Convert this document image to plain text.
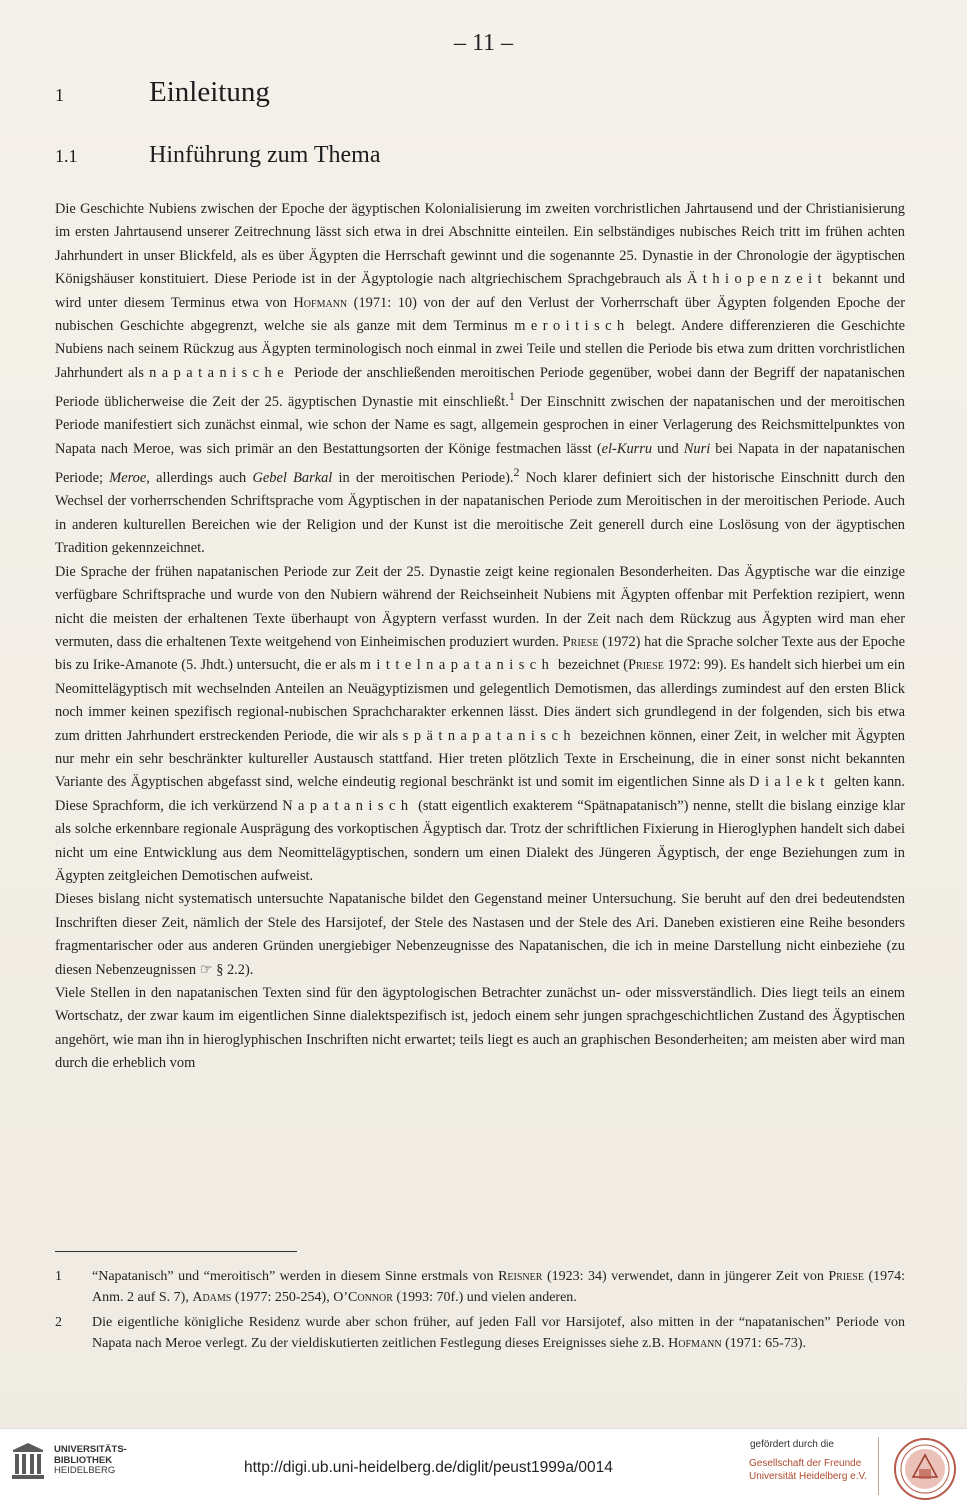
– 11 –
1	Einleitung
1.1	Hinführung zum Thema

Die Geschichte Nubiens zwischen der Epoche der ägyptischen Kolonialisierung im zweiten vorchristlichen Jahrtausend und der Christianisierung im ersten Jahrtausend unserer Zeitrechnung lässt sich etwa in drei Abschnitte einteilen. Ein selbständiges nubisches Reich tritt im frühen achten Jahrhundert in unser Blickfeld, als es über Ägypten die Herrschaft gewinnt und die sogenannte 25. Dynastie in der Chronologie der ägyptischen Königshäuser konstituiert. Diese Periode ist in der Ägyptologie nach altgriechischem Sprachgebrauch als Äthiopenzeit bekannt und wird unter diesem Terminus etwa von Hofmann (1971: 10) von der auf den Verlust der Vorherrschaft über Ägypten folgenden Epoche der nubischen Geschichte abgegrenzt, welche sie als ganze mit dem Terminus meroitisch belegt. Andere differenzieren die Geschichte Nubiens nach seinem Rückzug aus Ägypten terminologisch noch einmal in zwei Teile und stellen die Periode bis etwa zum dritten vorchristlichen Jahrhundert als napatanische Periode der anschließenden meroitischen Periode gegenüber, wobei dann der Begriff der napatanischen Periode üblicherweise die Zeit der 25. ägyptischen Dynastie mit einschließt.$^1$ Der Einschnitt zwischen der napatanischen und der meroitischen Periode manifestiert sich zunächst einmal, wie schon der Name es sagt, allgemein gesprochen in einer Verlagerung des Reichsmittelpunktes von Napata nach Meroe, was sich primär an den Bestattungsorten der Könige festmachen lässt (el-Kurru und Nuri bei Napata in der napatanischen Periode; Meroe, allerdings auch Gebel Barkal in der meroitischen Periode).$^2$ Noch klarer definiert sich der historische Einschnitt durch den Wechsel der vorherrschenden Schriftsprache vom Ägyptischen in der napatanischen Periode zum Meroitischen in der meroitischen Periode. Auch in anderen kulturellen Bereichen wie der Religion und der Kunst ist die meroitische Zeit generell durch eine Loslösung von der ägyptischen Tradition gekennzeichnet.

Die Sprache der frühen napatanischen Periode zur Zeit der 25. Dynastie zeigt keine regionalen Besonderheiten. Das Ägyptische war die einzige verfügbare Schriftsprache und wurde von den Nubiern während der Reichseinheit Nubiens mit Ägypten offenbar mit Perfektion rezipiert, wenn nicht die meisten der erhaltenen Texte überhaupt von Ägyptern verfasst wurden. In der Zeit nach dem Rückzug aus Ägypten wird man eher vermuten, dass die erhaltenen Texte weitgehend von Einheimischen produziert wurden. Priese (1972) hat die Sprache solcher Texte aus der Epoche bis zu Irike-Amanote (5. Jhdt.) untersucht, die er als mittelnapatanisch bezeichnet (Priese 1972: 99). Es handelt sich hierbei um ein Neomittelägyptisch mit wechselnden Anteilen an Neuägyptizismen und gelegentlich Demotismen, das allerdings zumindest auf den ersten Blick noch immer keinen spezifisch regional-nubischen Sprachcharakter erkennen lässt. Dies ändert sich grundlegend in der folgenden, sich bis etwa zum dritten Jahrhundert erstreckenden Periode, die wir als spätnapatanisch bezeichnen können, einer Zeit, in welcher mit Ägypten nur mehr ein sehr beschränkter kultureller Austausch stattfand. Hier treten plötzlich Texte in Erscheinung, die in einer sonst nicht bekannten Variante des Ägyptischen abgefasst sind, welche eindeutig regional beschränkt ist und somit im eigentlichen Sinne als Dialekt gelten kann. Diese Sprachform, die ich verkürzend Napatanisch (statt eigentlich exakterem “Spätnapatanisch”) nenne, stellt die bislang einzige klar als solche erkennbare regionale Ausprägung des vorkoptischen Ägyptisch dar. Trotz der schriftlichen Fixierung in Hieroglyphen handelt sich dabei nicht um eine Entwicklung aus dem Neomittelägyptischen, sondern um einen Dialekt des Jüngeren Ägyptisch, der enge Beziehungen zum in Ägypten zeitgleichen Demotischen aufweist.

Dieses bislang nicht systematisch untersuchte Napatanische bildet den Gegenstand meiner Untersuchung. Sie beruht auf den drei bedeutendsten Inschriften dieser Zeit, nämlich der Stele des Harsijotef, der Stele des Nastasen und der Stele des Ari. Daneben existieren eine Reihe besonders fragmentarischer oder aus anderen Gründen unergiebiger Nebenzeugnisse des Napatanischen, die ich in meine Darstellung nicht einbeziehe (zu diesen Nebenzeugnissen ☞ § 2.2).

Viele Stellen in den napatanischen Texten sind für den ägyptologischen Betrachter zunächst un- oder missverständlich. Dies liegt teils an einem Wortschatz, der zwar kaum im eigentlichen Sinne dialektspezifisch ist, jedoch einem sehr jungen sprachgeschichtlichen Zustand des Ägyptischen angehört, wie man ihn in hieroglyphischen Inschriften nicht erwartet; teils liegt es auch an graphischen Besonderheiten; am meisten aber wird man durch die erheblich vom

1	“Napatanisch” und “meroitisch” werden in diesem Sinne erstmals von Reisner (1923: 34) verwendet, dann in jüngerer Zeit von Priese (1974: Anm. 2 auf S. 7), Adams (1977: 250-254), O’Connor (1993: 70f.) und vielen anderen.
2	Die eigentliche königliche Residenz wurde aber schon früher, auf jeden Fall vor Harsijotef, also mitten in der “napatanischen” Periode von Napata nach Meroe verlegt. Zu der vieldiskutierten zeitlichen Festlegung dieses Ereignisses siehe z.B. Hofmann (1971: 65-73).
UNIVERSITÄTS-
BIBLIOTHEK
HEIDELBERG	http://digi.ub.uni-heidelberg.de/diglit/peust1999a/0014
gefördert durch die
Gesellschaft der Freunde
Universität Heidelberg e.V.
